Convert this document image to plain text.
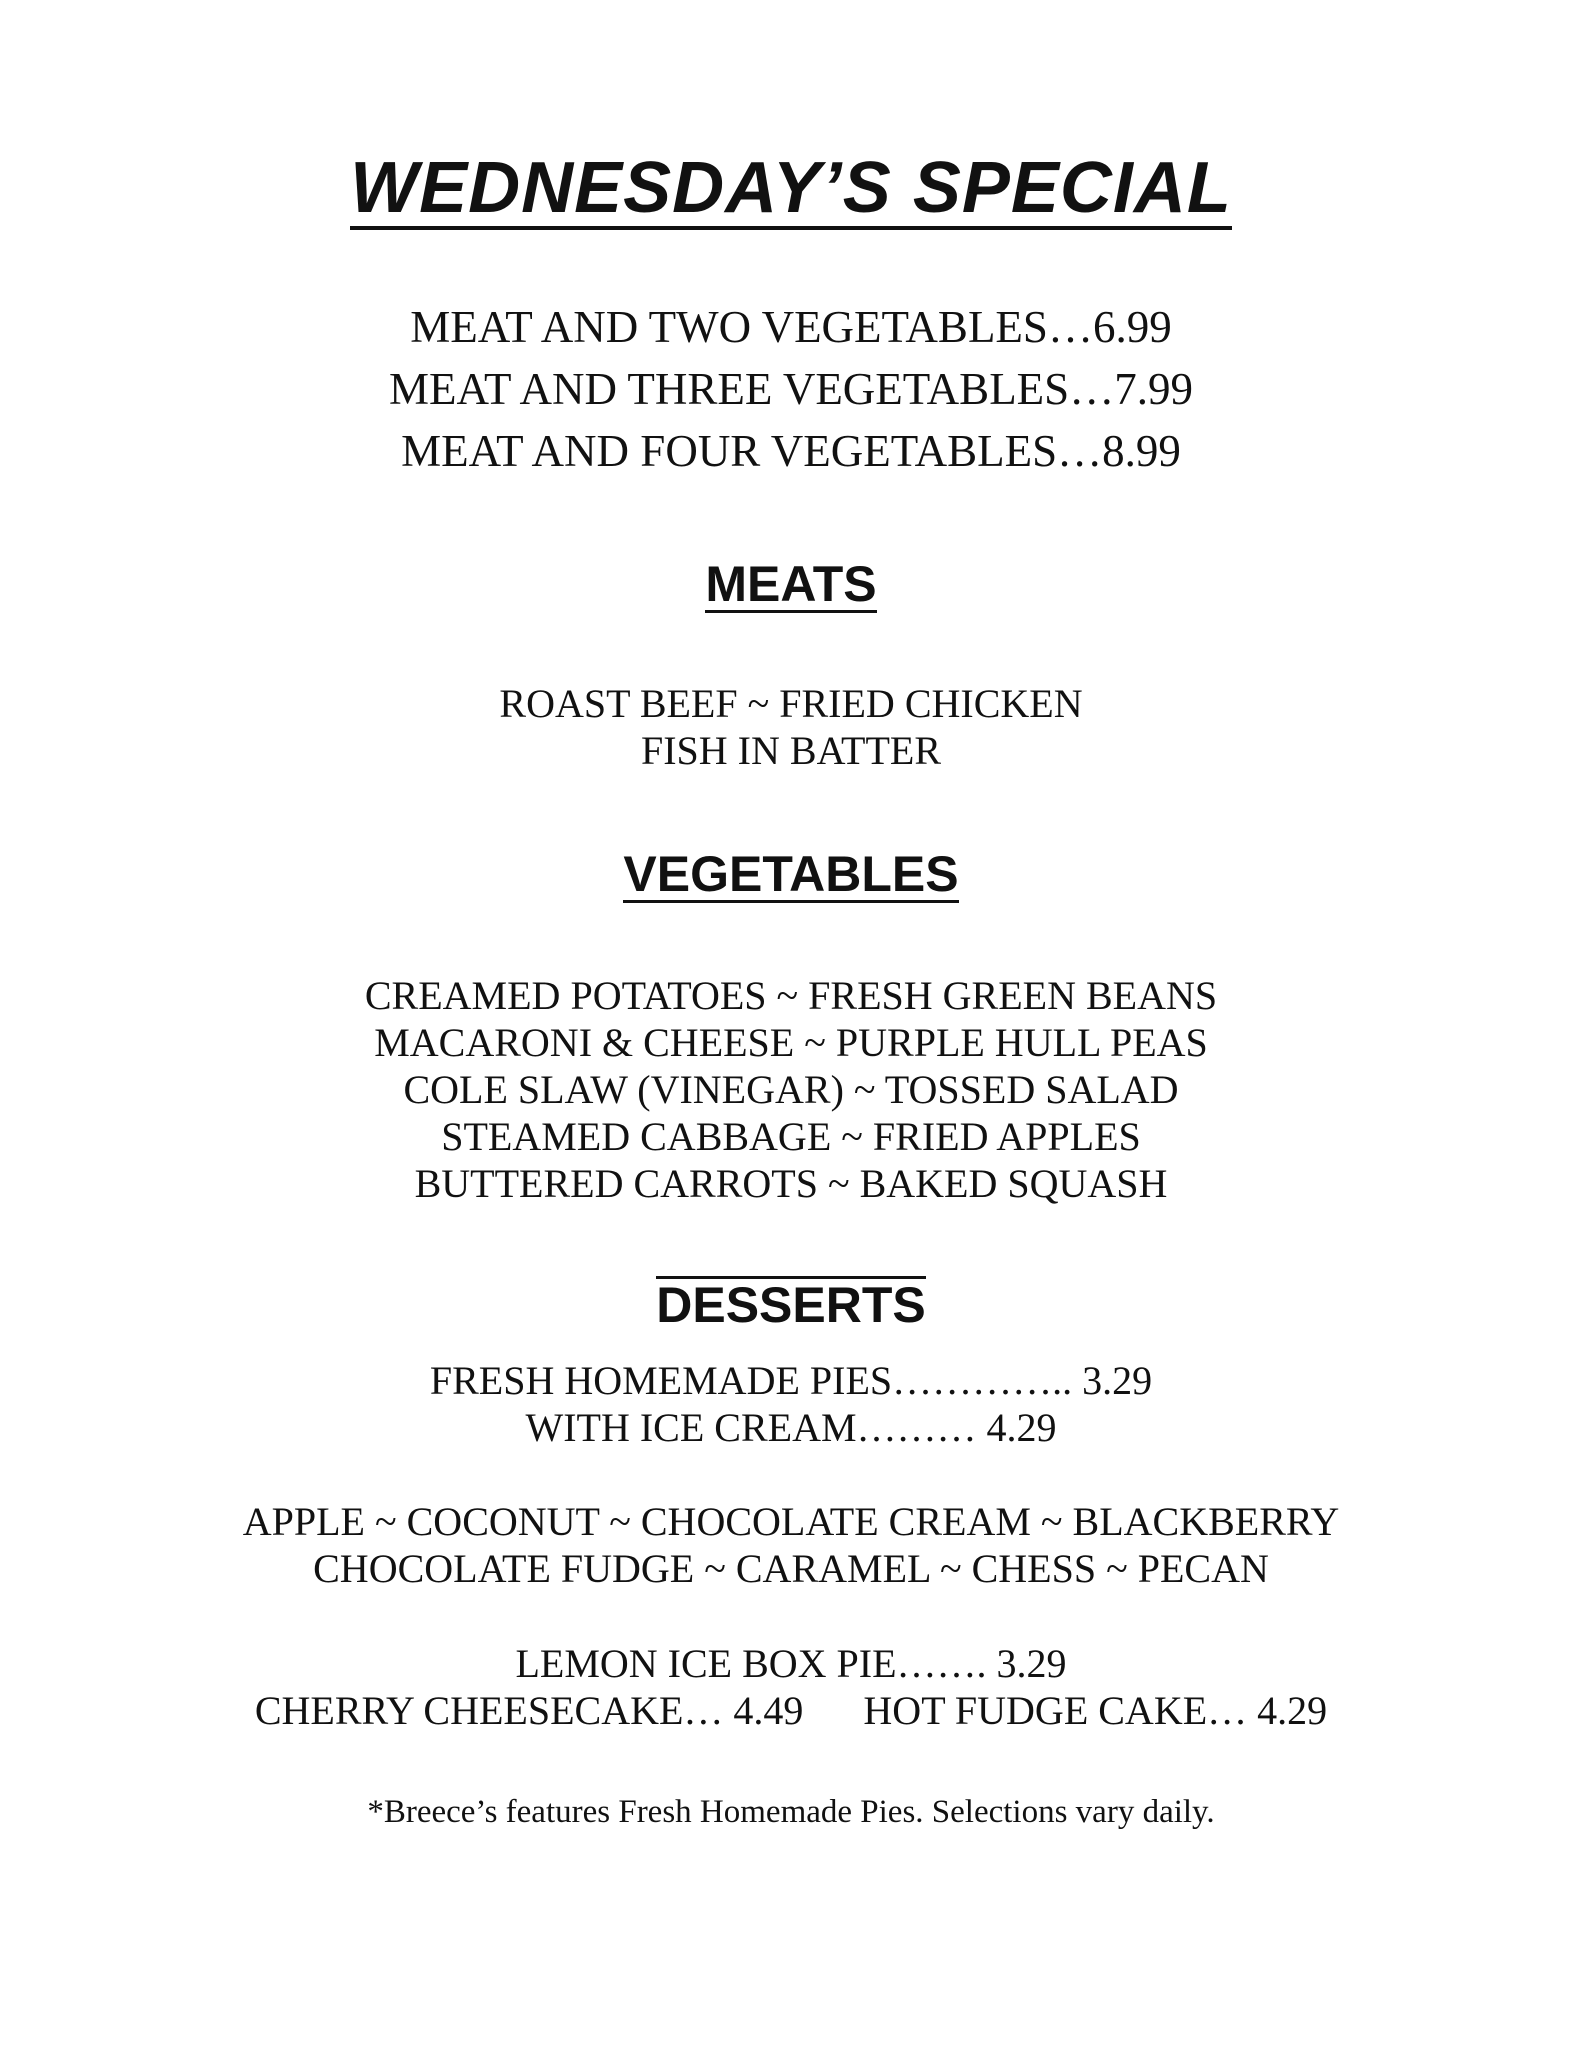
WEDNESDAY’S SPECIAL
MEAT AND TWO VEGETABLES…6.99
MEAT AND THREE VEGETABLES…7.99
MEAT AND FOUR VEGETABLES…8.99
MEATS
ROAST BEEF ~ FRIED CHICKEN
FISH IN BATTER
VEGETABLES
CREAMED POTATOES ~ FRESH GREEN BEANS
MACARONI & CHEESE ~ PURPLE HULL PEAS
COLE SLAW (VINEGAR) ~ TOSSED SALAD
STEAMED CABBAGE ~ FRIED APPLES
BUTTERED CARROTS ~ BAKED SQUASH
DESSERTS
FRESH HOMEMADE PIES………….. 3.29
WITH ICE CREAM……… 4.29
APPLE ~ COCONUT ~ CHOCOLATE CREAM ~ BLACKBERRY
CHOCOLATE FUDGE ~ CARAMEL ~ CHESS ~ PECAN
LEMON ICE BOX PIE……. 3.29
CHERRY CHEESECAKE… 4.49 HOT FUDGE CAKE… 4.29
*Breece’s features Fresh Homemade Pies. Selections vary daily.
